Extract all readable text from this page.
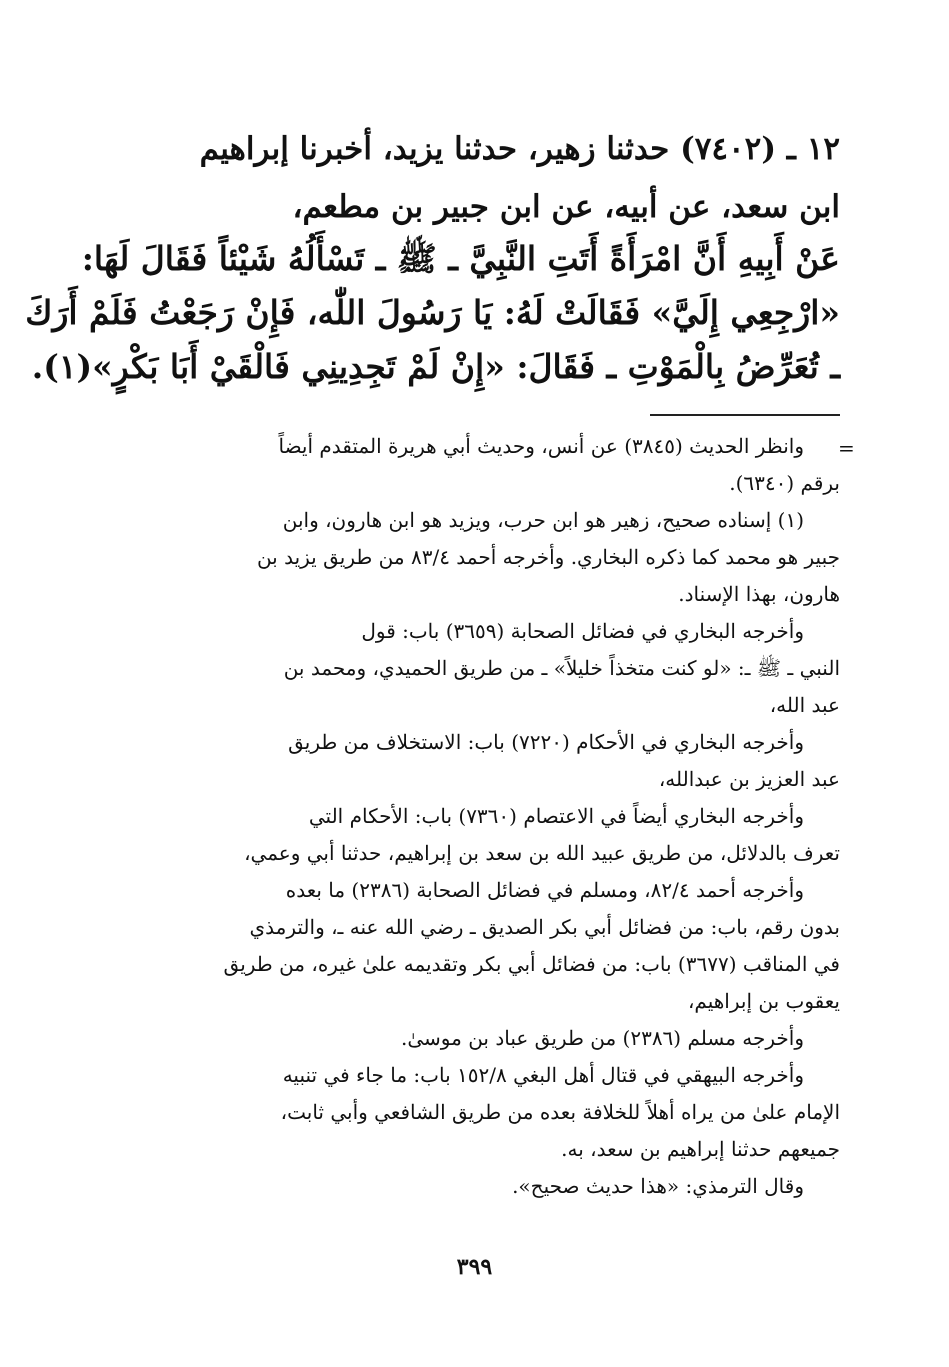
١٢ ـ (٧٤٠٢) حدثنا زهير، حدثنا يزيد، أخبرنا إبراهيم
ابن سعد، عن أبيه، عن ابن جبير بن مطعم،
عَنْ أَبِيهِ أَنَّ امْرَأَةً أَتَتِ النَّبِيَّ ـ ﷺ ـ تَسْأَلُهُ شَيْئاً فَقَالَ لَهَا:
«ارْجِعِي إِلَيَّ» فَقَالَتْ لَهُ: يَا رَسُولَ اللّٰه، فَإِنْ رَجَعْتُ فَلَمْ أَرَكَ
ـ تُعَرِّضُ بِالْمَوْتِ ـ فَقَالَ: «إِنْ لَمْ تَجِدِينِي فَالْقَيْ أَبَا بَكْرٍ»(١).
=
وانظر الحديث (٣٨٤٥) عن أنس، وحديث أبي هريرة المتقدم أيضاً
برقم (٦٣٤٠).
(١) إسناده صحيح، زهير هو ابن حرب، ويزيد هو ابن هارون، وابن
جبير هو محمد كما ذكره البخاري. وأخرجه أحمد ٨٣/٤ من طريق يزيد بن
هارون، بهذا الإسناد.
وأخرجه البخاري في فضائل الصحابة (٣٦٥٩) باب: قول
النبي ـ ﷺ ـ: «لو كنت متخذاً خليلاً» ـ من طريق الحميدي، ومحمد بن
عبد الله،
وأخرجه البخاري في الأحكام (٧٢٢٠) باب: الاستخلاف من طريق
عبد العزيز بن عبدالله،
وأخرجه البخاري أيضاً في الاعتصام (٧٣٦٠) باب: الأحكام التي
تعرف بالدلائل، من طريق عبيد الله بن سعد بن إبراهيم، حدثنا أبي وعمي،
وأخرجه أحمد ٨٢/٤، ومسلم في فضائل الصحابة (٢٣٨٦) ما بعده
بدون رقم، باب: من فضائل أبي بكر الصديق ـ رضي الله عنه ـ، والترمذي
في المناقب (٣٦٧٧) باب: من فضائل أبي بكر وتقديمه علىٰ غيره، من طريق
يعقوب بن إبراهيم،
وأخرجه مسلم (٢٣٨٦) من طريق عباد بن موسىٰ.
وأخرجه البيهقي في قتال أهل البغي ١٥٢/٨ باب: ما جاء في تنبيه
الإمام علىٰ من يراه أهلاً للخلافة بعده من طريق الشافعي وأبي ثابت،
جميعهم حدثنا إبراهيم بن سعد، به.
وقال الترمذي: «هذا حديث صحيح».
٣٩٩
